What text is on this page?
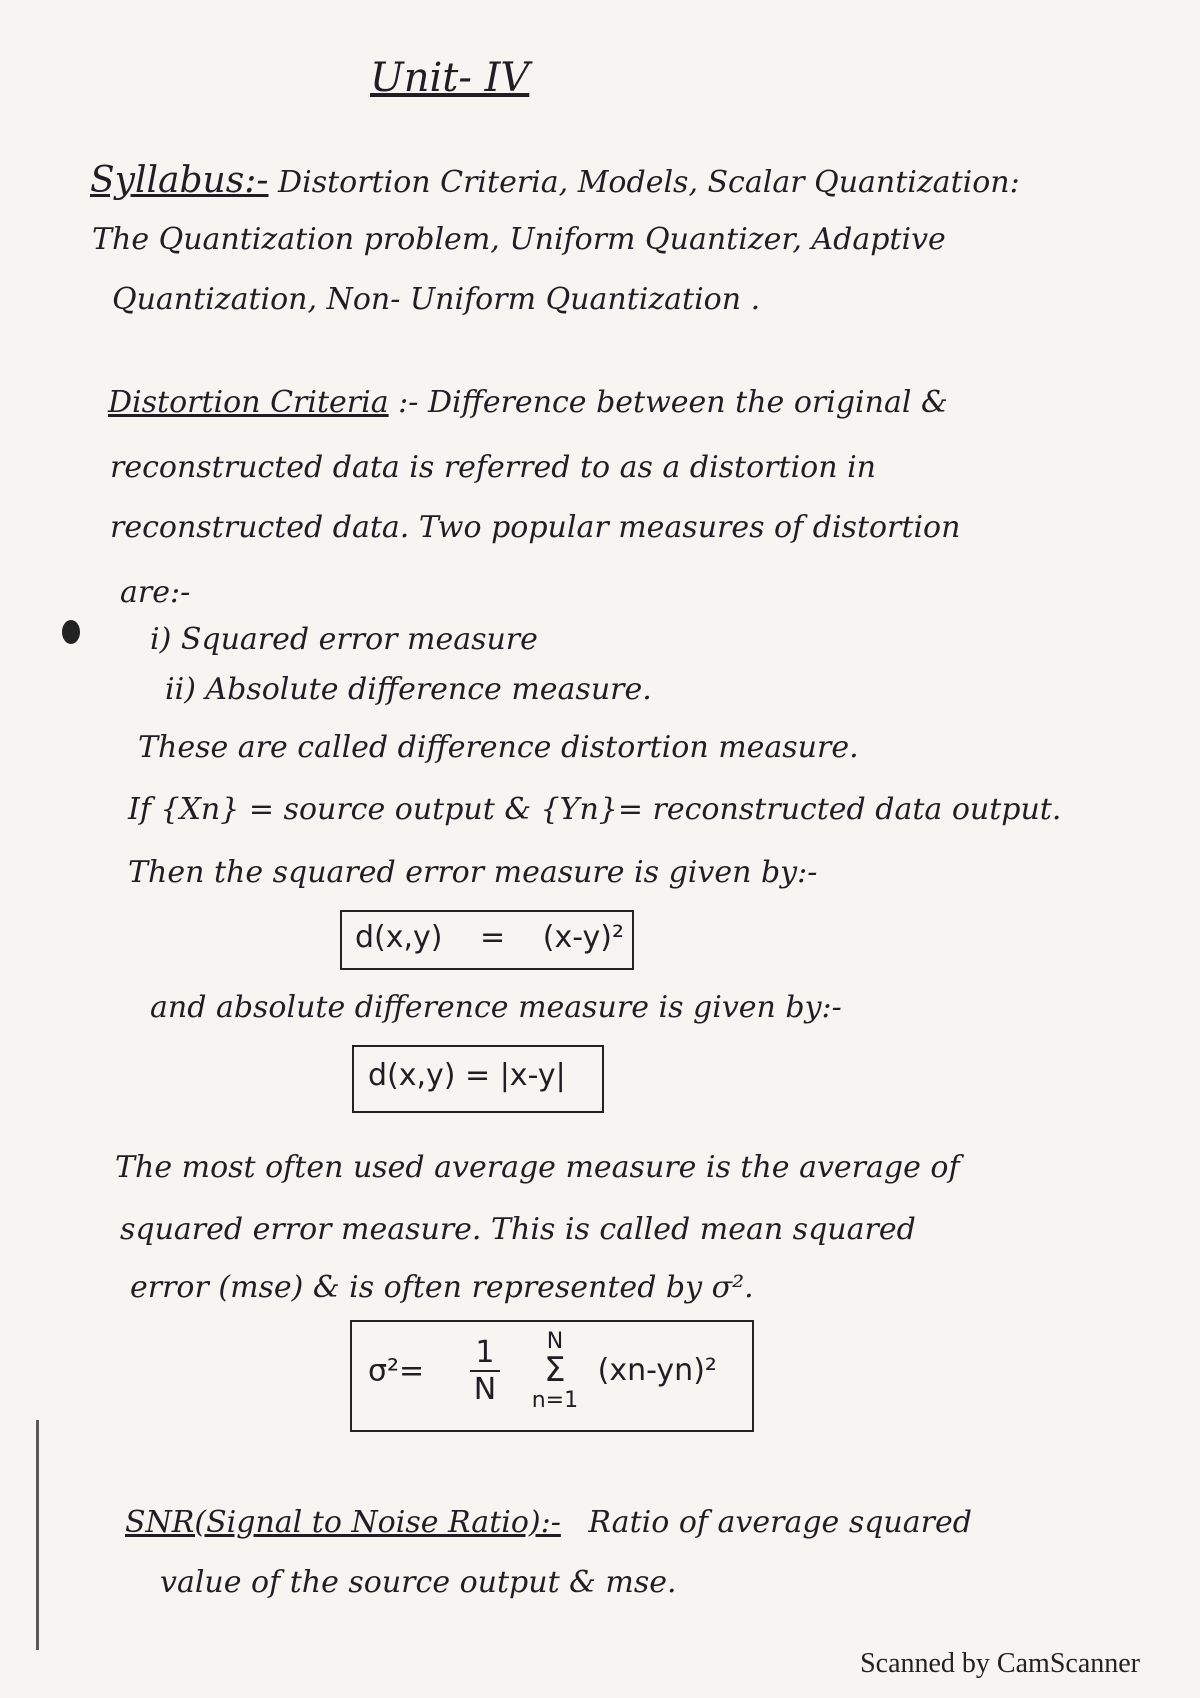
Unit- IV
Syllabus:- Distortion Criteria, Models, Scalar Quantization:
The Quantization problem, Uniform Quantizer, Adaptive
Quantization, Non- Uniform Quantization .
Distortion Criteria :- Difference between the original &
reconstructed data is referred to as a distortion in
reconstructed data. Two popular measures of distortion
are:-
i) Squared error measure
ii) Absolute difference measure.
These are called difference distortion measure.
If {Xn} = source output & {Yn}= reconstructed data output.
Then the squared error measure is given by:-
d(x,y) = (x-y)²
and absolute difference measure is given by:-
d(x,y) = |x-y|
The most often used average measure is the average of
squared error measure. This is called mean squared
error (mse) & is often represented by σ².
$\sigma^2= \frac{1}{N}$
	N
Σ
n=1
(xn-yn)²
SNR(Signal to Noise Ratio):- Ratio of average squared
value of the source output & mse.
Scanned by CamScanner
